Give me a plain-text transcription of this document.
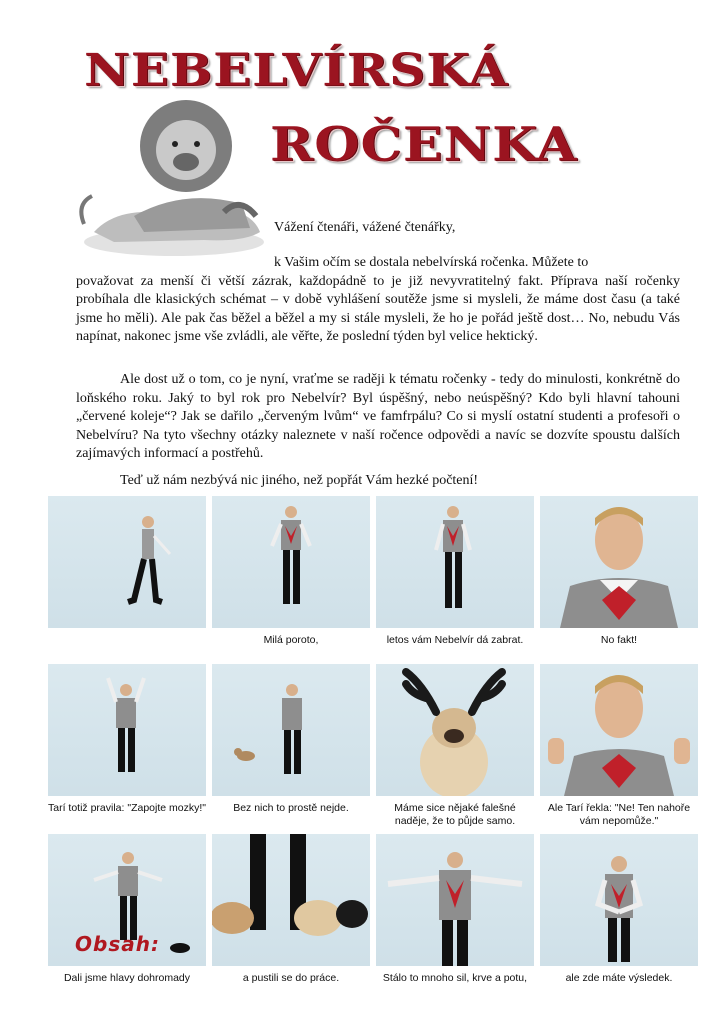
NEBELVÍRSKÁ
ROČENKA
Vážení čtenáři, vážené čtenářky,

k Vašim očím se dostala nebelvírská ročenka. Můžete to
považovat za menší či větší zázrak, každopádně to je již nevyvratitelný fakt. Příprava naší ročenky probíhala dle klasických schémat – v době vyhlášení soutěže jsme si mysleli, že máme dost času (a také jsme ho měli). Ale pak čas běžel a běžel a my si stále mysleli, že ho je pořád ještě dost… No, nebudu Vás napínat, nakonec jsme vše zvládli, ale věřte, že poslední týden byl velice hektický.

Ale dost už o tom, co je nyní, vraťme se raději k tématu ročenky - tedy do minulosti, konkrétně do loňského roku. Jaký to byl rok pro Nebelvír? Byl úspěšný, nebo neúspěšný? Kdo byli hlavní tahouni „červené koleje“? Jak se dařilo „červeným lvům“ ve famfrpálu? Co si myslí ostatní studenti a profesoři o Nebelvíru? Na tyto všechny otázky naleznete v naší ročence odpovědi a navíc se dozvíte spoustu dalších zajímavých informací a postřehů.

Teď už nám nezbývá nic jiného, než popřát Vám hezké počtení!

Milá poroto,	letos vám Nebelvír dá zabrat.	No fakt!
Tarí totiž pravila: "Zapojte mozky!"	Bez nich to prostě nejde.	Máme sice nějaké falešné naděje, že to půjde samo.
Ale Tarí řekla: "Ne! Ten nahoře vám nepomůže."
Dali jsme hlavy dohromady	a pustili se do práce.	Stálo to mnoho sil, krve a potu,	ale zde máte výsledek.
Obsah:
